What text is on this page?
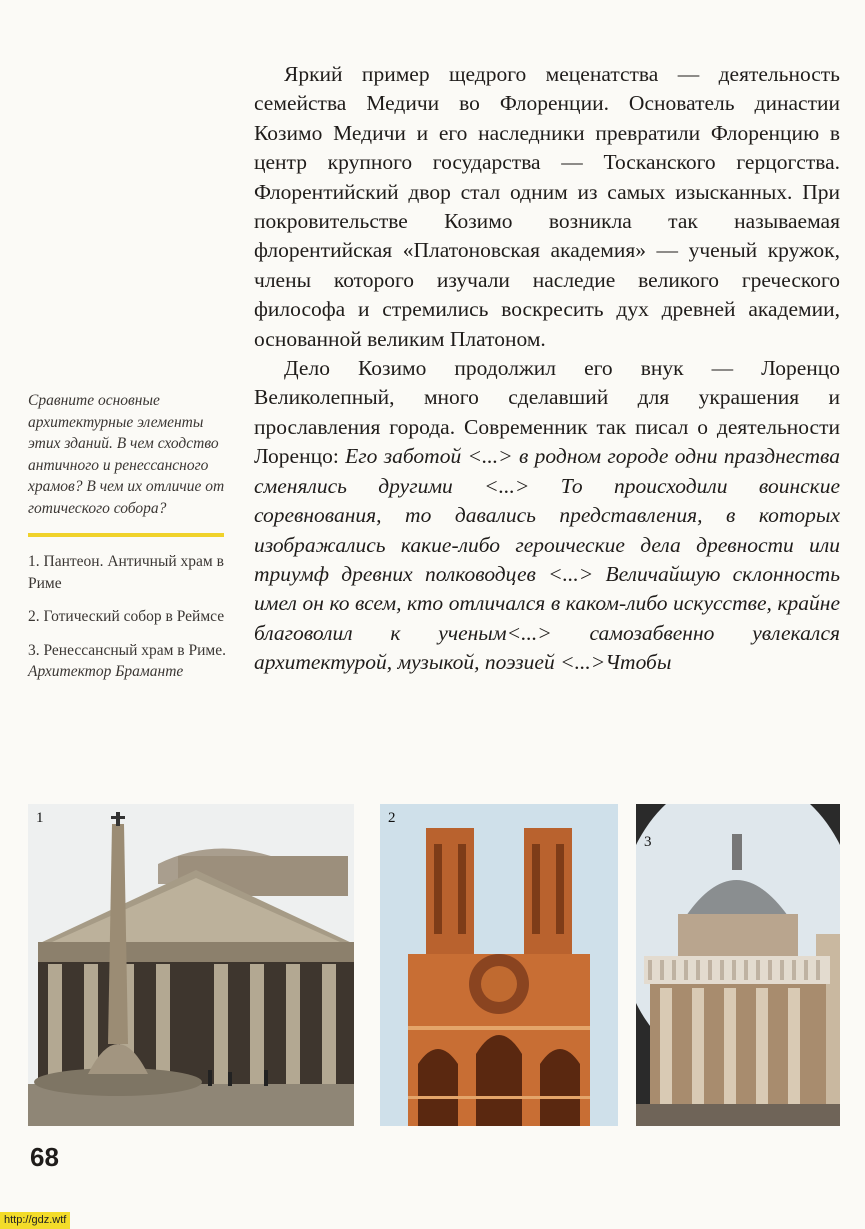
Яркий пример щедрого меценатства — деятельность семейства Медичи во Флоренции. Основатель династии Козимо Медичи и его наследники превратили Флоренцию в центр крупного государства — Тосканского герцогства. Флорентийский двор стал одним из самых изысканных. При покровительстве Козимо возникла так называемая флорентийская «Платоновская академия» — ученый кружок, члены которого изучали наследие великого греческого философа и стремились воскресить дух древней академии, основанной великим Платоном.

Дело Козимо продолжил его внук — Лоренцо Великолепный, много сделавший для украшения и прославления города. Современник так писал о деятельности Лоренцо: Его заботой <...> в родном городе одни празднества сменялись другими <...> То происходили воинские соревнования, то давались представления, в которых изображались какие-либо героические дела древности или триумф древних полководцев <...> Величайшую склонность имел он ко всем, кто отличался в каком-либо искусстве, крайне благоволил к ученым<...> самозабвенно увлекался архитектурой, музыкой, поэзией <...>Чтобы

Сравните основные архитектурные элементы этих зданий. В чем сходство античного и ренессансного храмов? В чем их отличие от готического собора?

1. Пантеон. Античный храм в Риме
2. Готический собор в Реймсе
3. Ренессансный храм в Риме. Архитектор Браманте
1	2
3
68
http://gdz.wtf
